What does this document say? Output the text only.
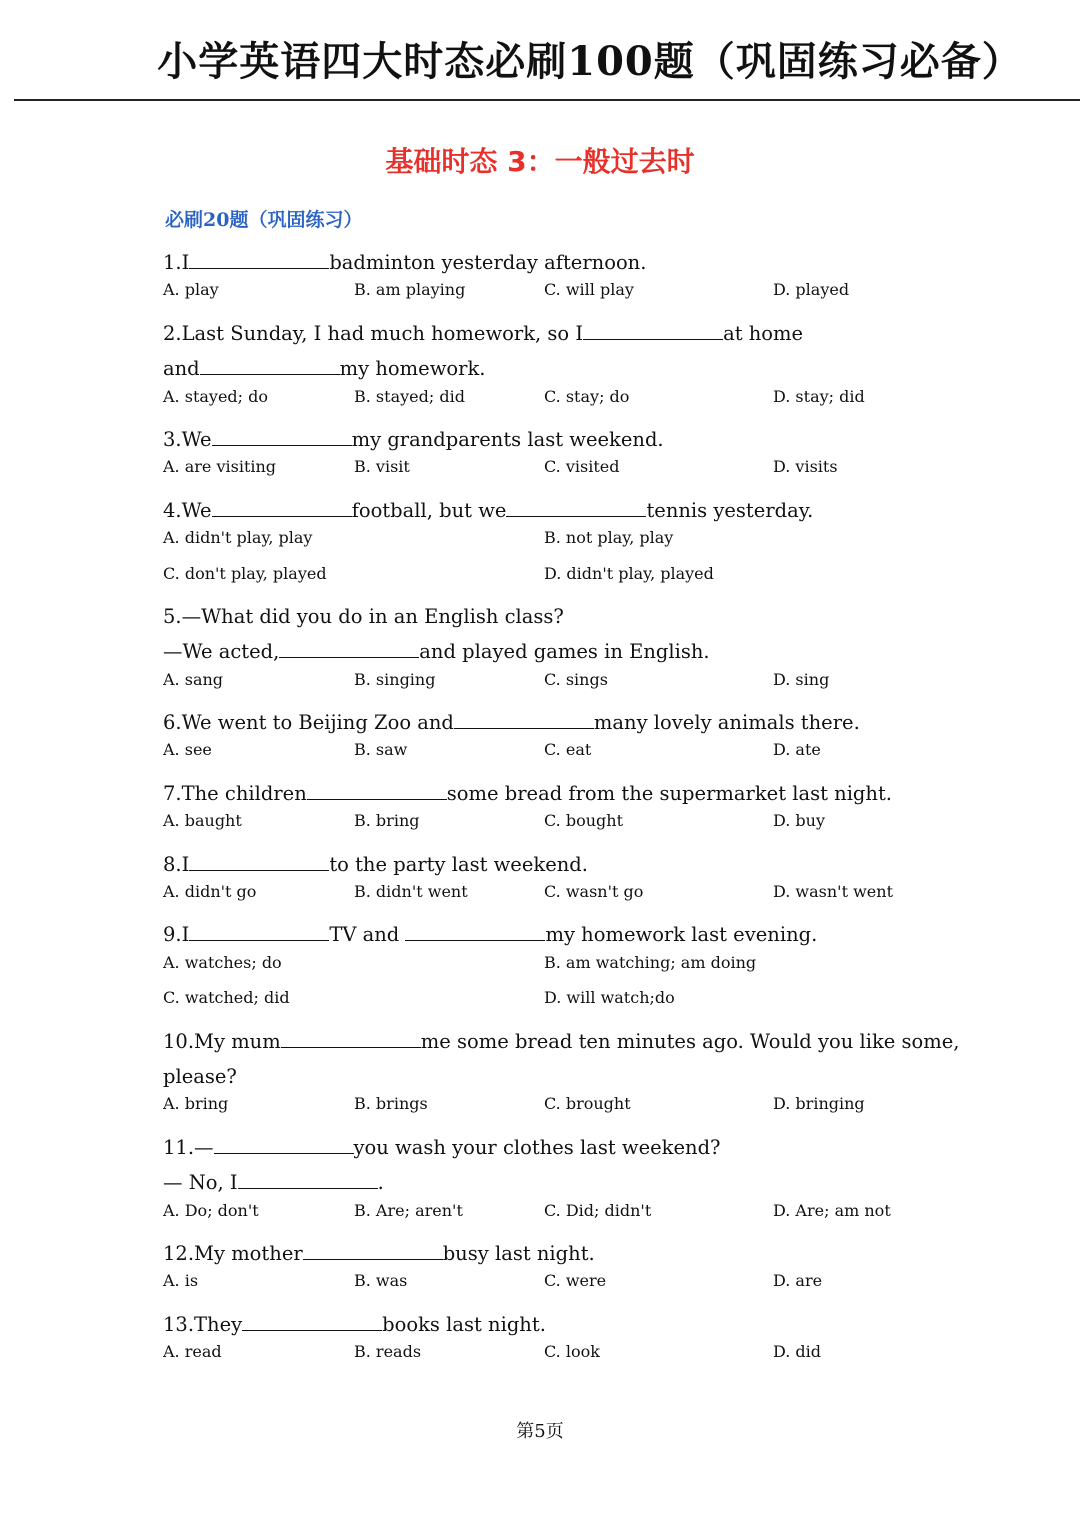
小学英语四大时态必刷100题（巩固练习必备）
基础时态 3：一般过去时
必刷20题（巩固练习）
1.I	badminton yesterday afternoon.
A. play	B. am playing	C. will play	D. played
2.Last Sunday, I had much homework, so I	at home
and	my homework.
A. stayed; do	B. stayed; did	C. stay; do	D. stay; did
3.We	my grandparents last weekend.
A. are visiting	B. visit	C. visited	D. visits
4.We	football, but we	tennis yesterday.
A. didn't play, play	B. not play, play
C. don't play, played	D. didn't play, played
5.—What did you do in an English class?
—We acted,	and played games in English.
A. sang	B. singing	C. sings	D. sing
6.We went to Beijing Zoo and	many lovely animals there.
A. see	B. saw	C. eat	D. ate
7.The children	some bread from the supermarket last night.
A. baught	B. bring	C. bought	D. buy
8.I	to the party last weekend.
A. didn't go	B. didn't went	C. wasn't go	D. wasn't went
9.I	TV and	my homework last evening.
A. watches; do	B. am watching; am doing
C. watched; did	D. will watch;do
10.My mum	me some bread ten minutes ago. Would you like some,
please?
A. bring	B. brings	C. brought	D. bringing
11.—	you wash your clothes last weekend?
— No, I	.
A. Do; don't	B. Are; aren't	C. Did; didn't	D. Are; am not
12.My mother	busy last night.
A. is	B. was	C. were	D. are
13.They	books last night.
A. read	B. reads	C. look	D. did
第5页
